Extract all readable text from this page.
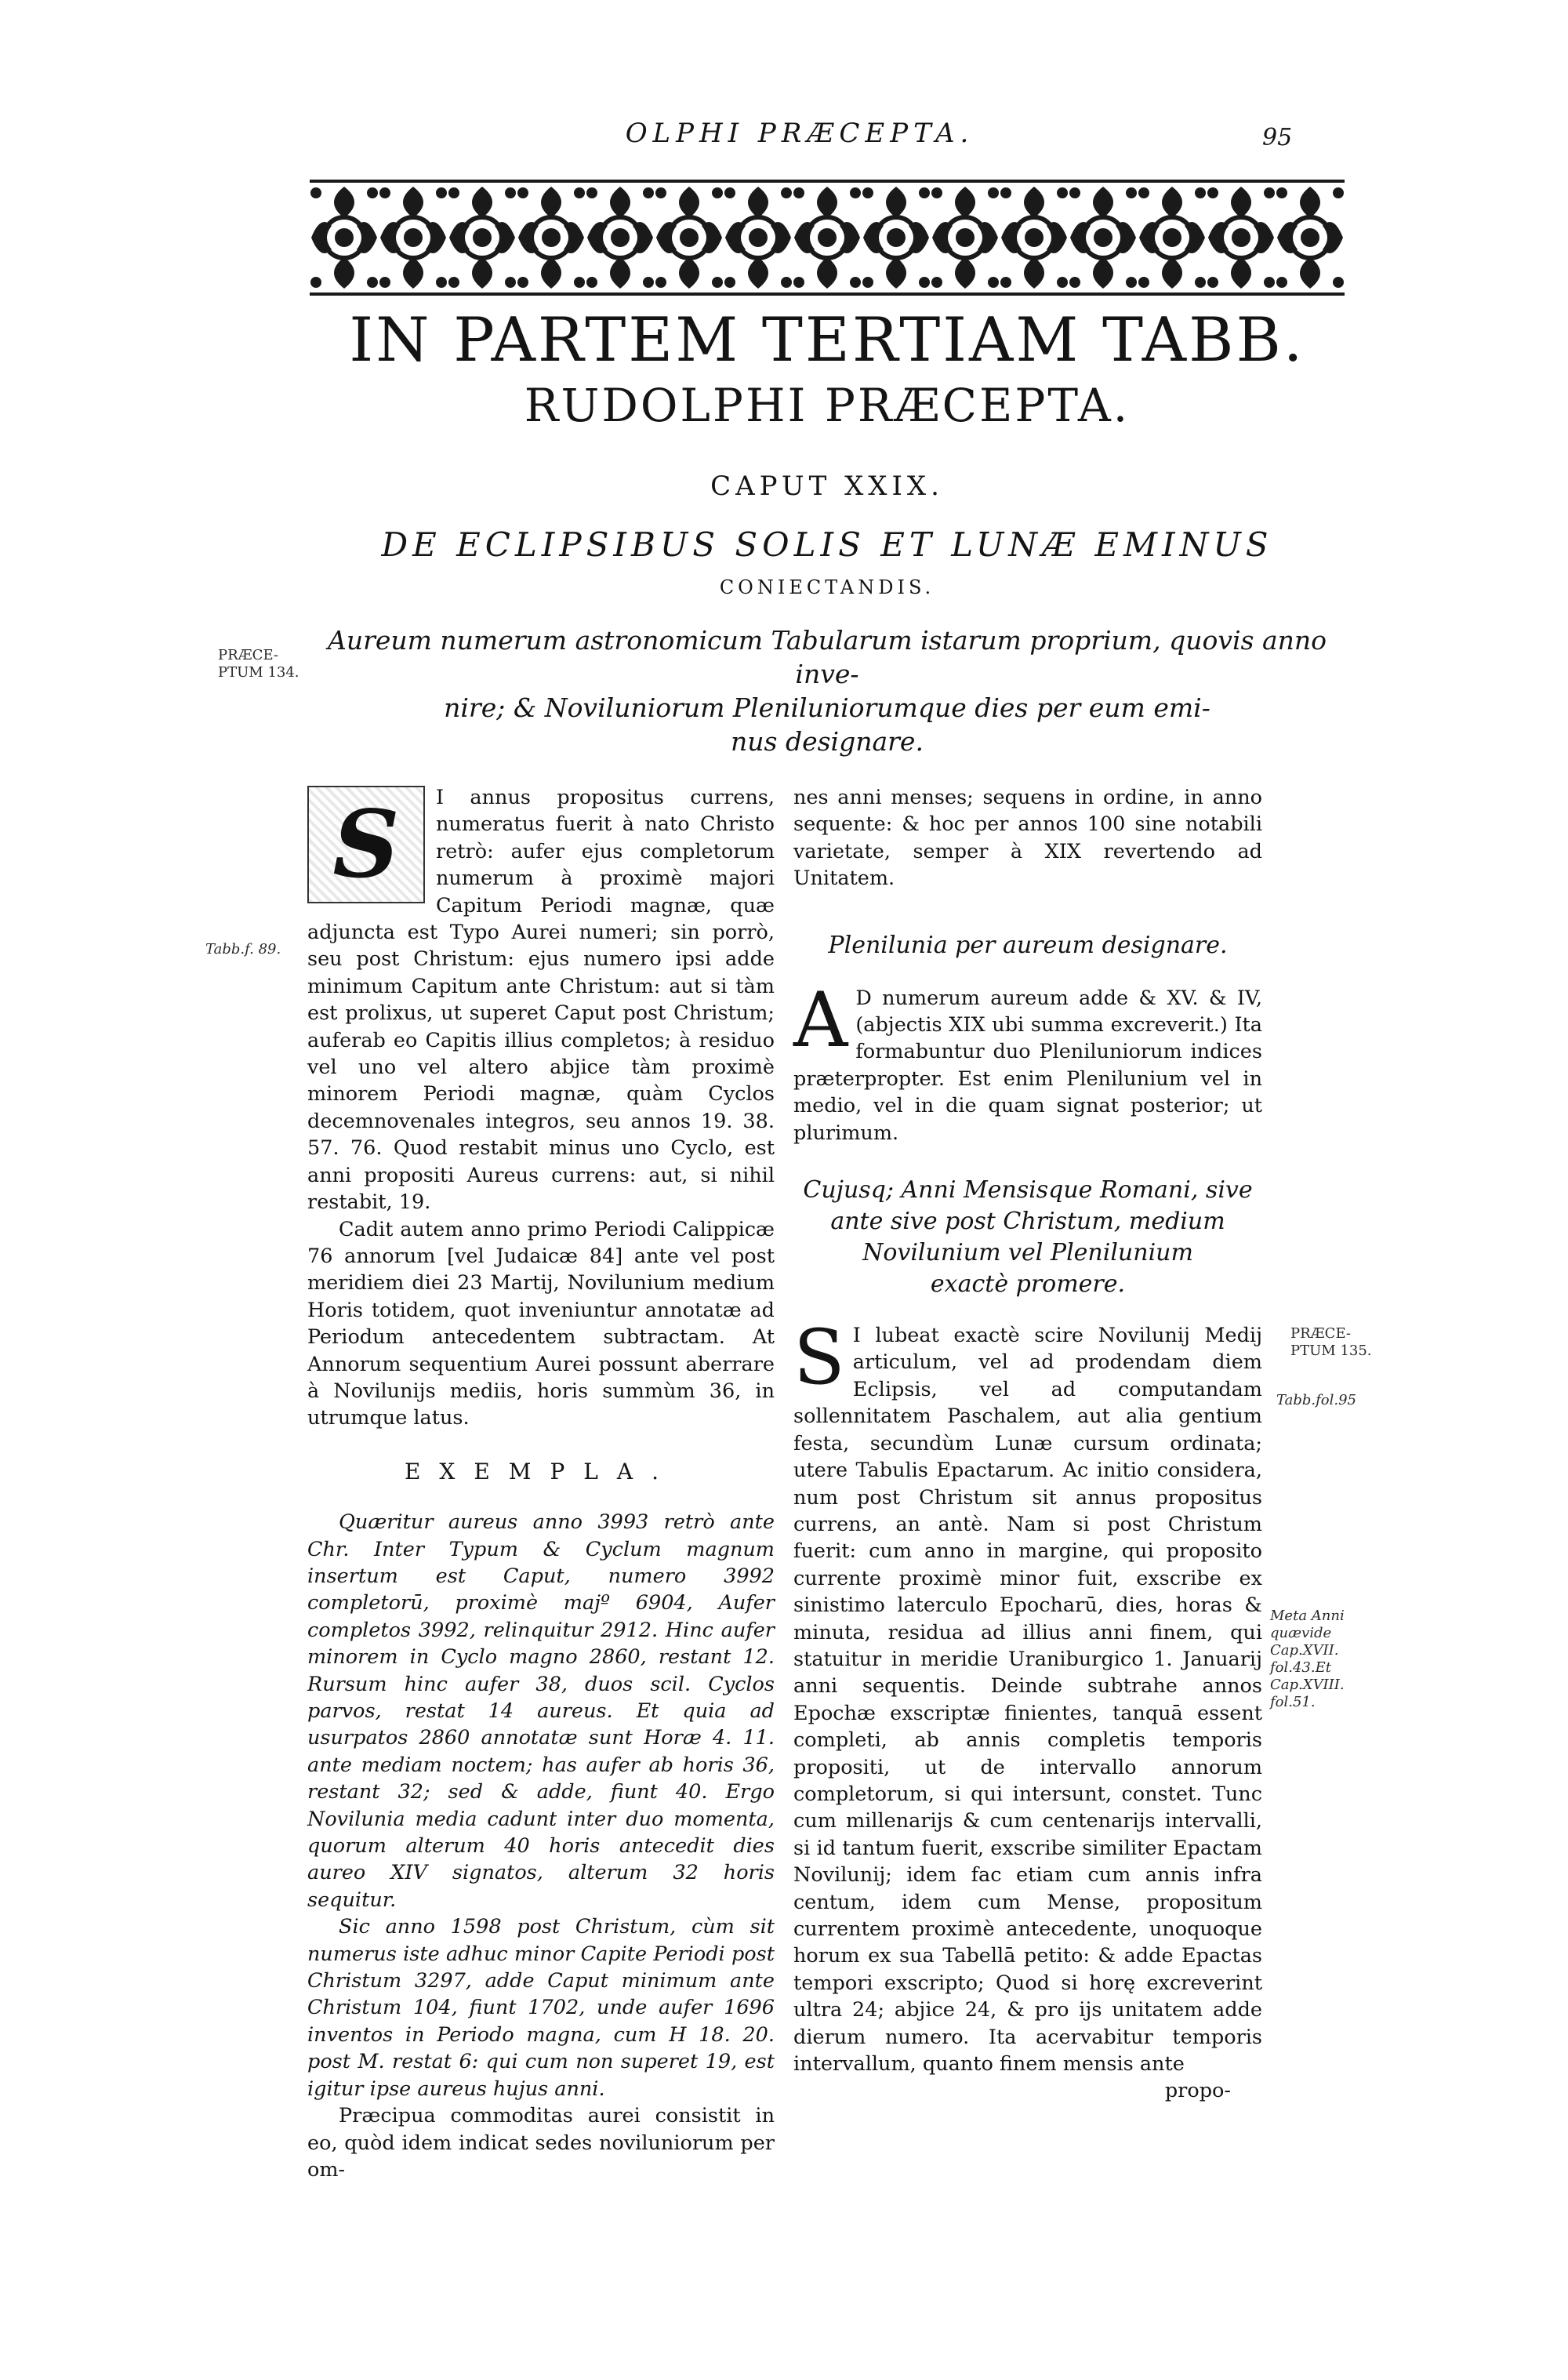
OLPHI PRÆCEPTA.	95
IN PARTEM TERTIAM TABB.
RUDOLPHI PRÆCEPTA.
CAPUT XXIX.
DE ECLIPSIBUS SOLIS ET LUNÆ EMINUS
CONIECTANDIS.
Aureum numerum astronomicum Tabularum istarum proprium, quovis anno inve-
nire; & Noviluniorum Pleniluniorumque dies per eum emi-
nus designare.
PRÆCE-
PTUM 134.
Tabb.f. 89.
PRÆCE-
PTUM 135.
Tabb.fol.95
Meta Anni
quævide
Cap.XVII.
fol.43.Et
Cap.XVIII.
fol.51.

S	I annus propositus currens, numeratus fuerit à nato Christo retrò: aufer ejus completorum numerum à proximè majori Capitum Periodi magnæ, quæ adjuncta est Typo Aurei numeri; sin porrò, seu post Christum: ejus numero ipsi adde minimum Capitum ante Christum: aut si tàm est prolixus, ut superet Caput post Christum; auferab eo Capitis illius completos; à residuo vel uno vel altero abjice tàm proximè minorem Periodi magnæ, quàm Cyclos decemnovenales integros, seu annos 19. 38. 57. 76. Quod restabit minus uno Cyclo, est anni propositi Aureus currens: aut, si nihil restabit, 19.

Cadit autem anno primo Periodi Calippicæ 76 annorum [vel Judaicæ 84] ante vel post meridiem diei 23 Martij, Novilunium medium Horis totidem, quot inveniuntur annotatæ ad Periodum antecedentem subtractam. At Annorum sequentium Aurei possunt aberrare à Novilunijs mediis, horis summùm 36, in utrumque latus.

EXEMPLA.

Quæritur aureus anno 3993 retrò ante Chr. Inter Typum & Cyclum magnum insertum est Caput, numero 3992 completorū, proximè majº 6904, Aufer completos 3992, relinquitur 2912. Hinc aufer minorem in Cyclo magno 2860, restant 12. Rursum hinc aufer 38, duos scil. Cyclos parvos, restat 14 aureus. Et quia ad usurpatos 2860 annotatæ sunt Horæ 4. 11. ante mediam noctem; has aufer ab horis 36, restant 32; sed & adde, fiunt 40. Ergo Novilunia media cadunt inter duo momenta, quorum alterum 40 horis antecedit dies aureo XIV signatos, alterum 32 horis sequitur.

Sic anno 1598 post Christum, cùm sit numerus iste adhuc minor Capite Periodi post Christum 3297, adde Caput minimum ante Christum 104, fiunt 1702, unde aufer 1696 inventos in Periodo magna, cum H 18. 20. post M. restat 6: qui cum non superet 19, est igitur ipse aureus hujus anni.

Præcipua commoditas aurei consistit in eo, quòd idem indicat sedes noviluniorum per om-

nes anni menses; sequens in ordine, in anno sequente: & hoc per annos 100 sine notabili varietate, semper à XIX revertendo ad Unitatem.

Plenilunia per aureum designare.

A D numerum aureum adde & XV. & IV, (abjectis XIX ubi summa excreverit.) Ita formabuntur duo Pleniluniorum indices præterpropter. Est enim Plenilunium vel in medio, vel in die quam signat posterior; ut plurimum.

Cujusq; Anni Mensisque Romani, sive
ante sive post Christum, medium
Novilunium vel Plenilunium
exactè promere.

S I lubeat exactè scire Novilunij Medij articulum, vel ad prodendam diem Eclipsis, vel ad computandam sollennitatem Paschalem, aut alia gentium festa, secundùm Lunæ cursum ordinata; utere Tabulis Epactarum. Ac initio considera, num post Christum sit annus propositus currens, an antè. Nam si post Christum fuerit: cum anno in margine, qui proposito currente proximè minor fuit, exscribe ex sinistimo laterculo Epocharū, dies, horas & minuta, residua ad illius anni finem, qui statuitur in meridie Uraniburgico 1. Januarij anni sequentis. Deinde subtrahe annos Epochæ exscriptæ finientes, tanquā essent completi, ab annis completis temporis propositi, ut de intervallo annorum completorum, si qui intersunt, constet. Tunc cum millenarijs & cum centenarijs intervalli, si id tantum fuerit, exscribe similiter Epactam Novilunij; idem fac etiam cum annis infra centum, idem cum Mense, propositum currentem proximè antecedente, unoquoque horum ex sua Tabellā petito: & adde Epactas tempori exscripto; Quod si horę excreverint ultra 24; abjice 24, & pro ijs unitatem adde dierum numero. Ita acervabitur temporis intervallum, quanto finem mensis ante

propo-
